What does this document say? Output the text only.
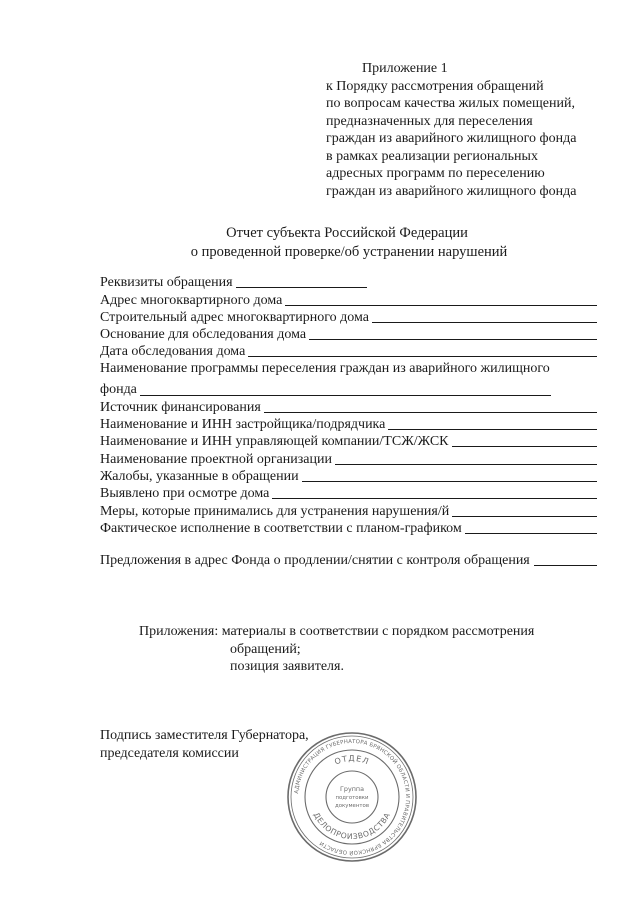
Приложение 1
к Порядку рассмотрения обращений
по вопросам качества жилых помещений,
предназначенных для переселения
граждан из аварийного жилищного фонда
в рамках реализации региональных
адресных программ по переселению
граждан из аварийного жилищного фонда
Отчет субъекта Российской Федерации
о проведенной проверке/об устранении нарушений
Реквизиты обращения
Адрес многоквартирного дома
Строительный адрес многоквартирного дома
Основание для обследования дома
Дата обследования дома
Наименование программы переселения граждан из аварийного жилищного
фонда
Источник финансирования
Наименование и ИНН застройщика/подрядчика
Наименование и ИНН управляющей компании/ТСЖ/ЖСК
Наименование проектной организации
Жалобы, указанные в обращении
Выявлено при осмотре дома
Меры, которые принимались для устранения нарушения/й
Фактическое исполнение в соответствии с планом-графиком
Предложения в адрес Фонда о продлении/снятии с контроля обращения
Приложения:
материалы в соответствии с порядком рассмотрения
обращений;
позиция заявителя.
Подпись заместителя Губернатора,
председателя комиссии
АДМИНИСТРАЦИЯ ГУБЕРНАТОРА БРЯНСКОЙ ОБЛАСТИ И ПРАВИТЕЛЬСТВА БРЯНСКОЙ ОБЛАСТИ
ОТДЕЛ
ДЕЛОПРОИЗВОДСТВА
Группа
подготовки
документов
